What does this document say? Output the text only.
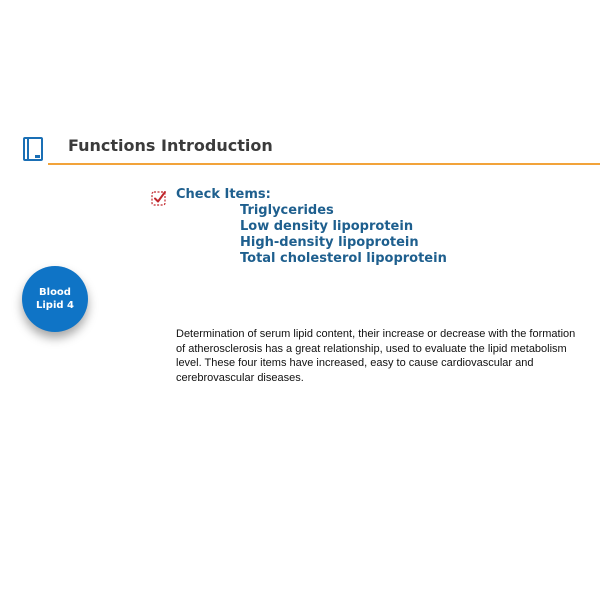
Functions Introduction
Check Items:
Triglycerides
Low density lipoprotein
High-density lipoprotein
Total cholesterol lipoprotein
Blood
Lipid 4

Determination of serum lipid content, their increase or decrease with the formation of atherosclerosis has a great relationship, used to evaluate the lipid metabolism level. These four items have increased, easy to cause cardiovascular and cerebrovascular diseases.
